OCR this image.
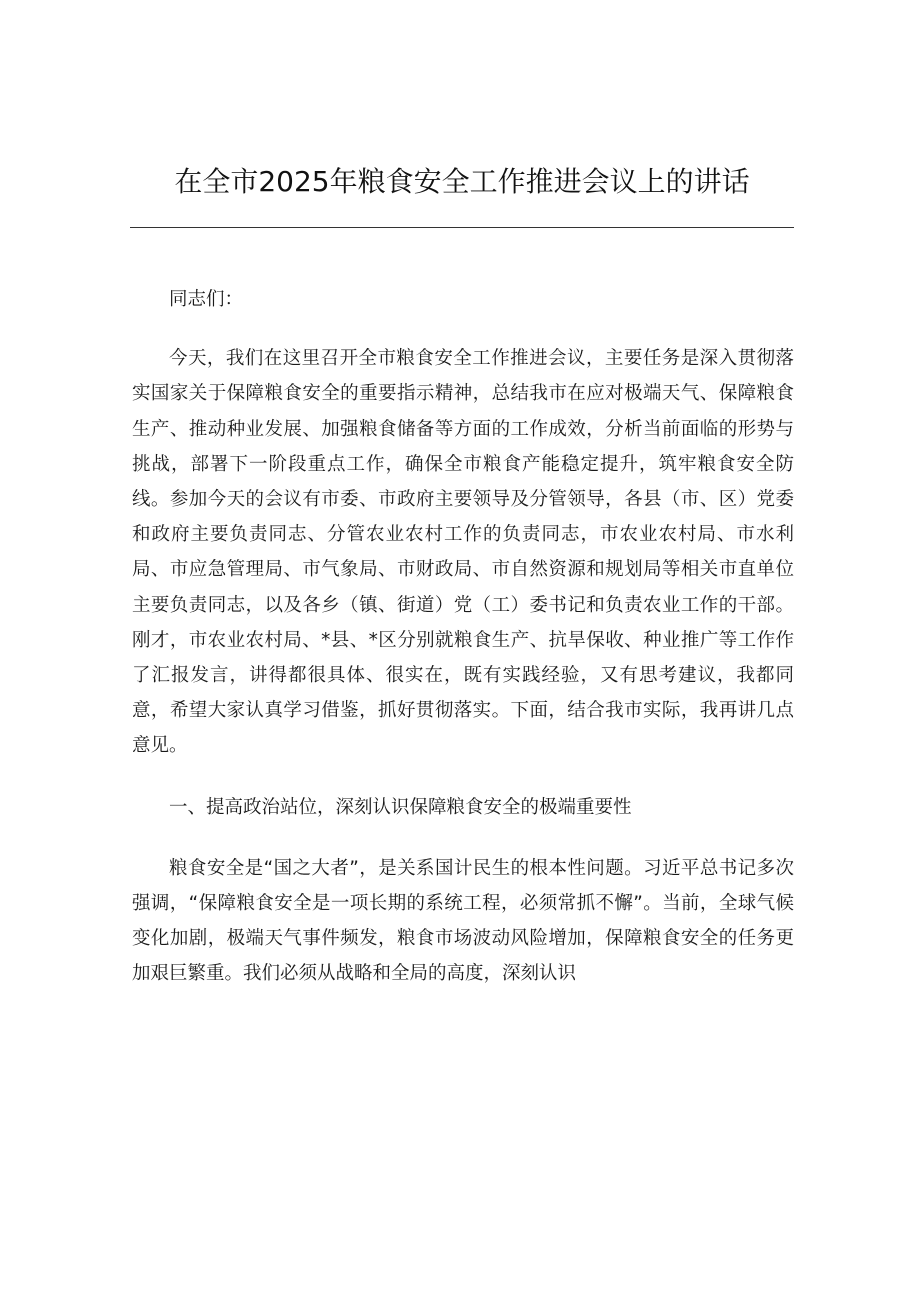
在全市2025年粮食安全工作推进会议上的讲话

同志们：

今天，我们在这里召开全市粮食安全工作推进会议，主要任务是深入贯彻落实国家关于保障粮食安全的重要指示精神，总结我市在应对极端天气、保障粮食生产、推动种业发展、加强粮食储备等方面的工作成效，分析当前面临的形势与挑战，部署下一阶段重点工作，确保全市粮食产能稳定提升，筑牢粮食安全防线。参加今天的会议有市委、市政府主要领导及分管领导，各县（市、区）党委和政府主要负责同志、分管农业农村工作的负责同志，市农业农村局、市水利局、市应急管理局、市气象局、市财政局、市自然资源和规划局等相关市直单位主要负责同志，以及各乡（镇、街道）党（工）委书记和负责农业工作的干部。刚才，市农业农村局、*县、*区分别就粮食生产、抗旱保收、种业推广等工作作了汇报发言，讲得都很具体、很实在，既有实践经验，又有思考建议，我都同意，希望大家认真学习借鉴，抓好贯彻落实。下面，结合我市实际，我再讲几点意见。

一、提高政治站位，深刻认识保障粮食安全的极端重要性

粮食安全是“国之大者”，是关系国计民生的根本性问题。习近平总书记多次强调，“保障粮食安全是一项长期的系统工程，必须常抓不懈”。当前，全球气候变化加剧，极端天气事件频发，粮食市场波动风险增加，保障粮食安全的任务更加艰巨繁重。我们必须从战略和全局的高度，深刻认识
